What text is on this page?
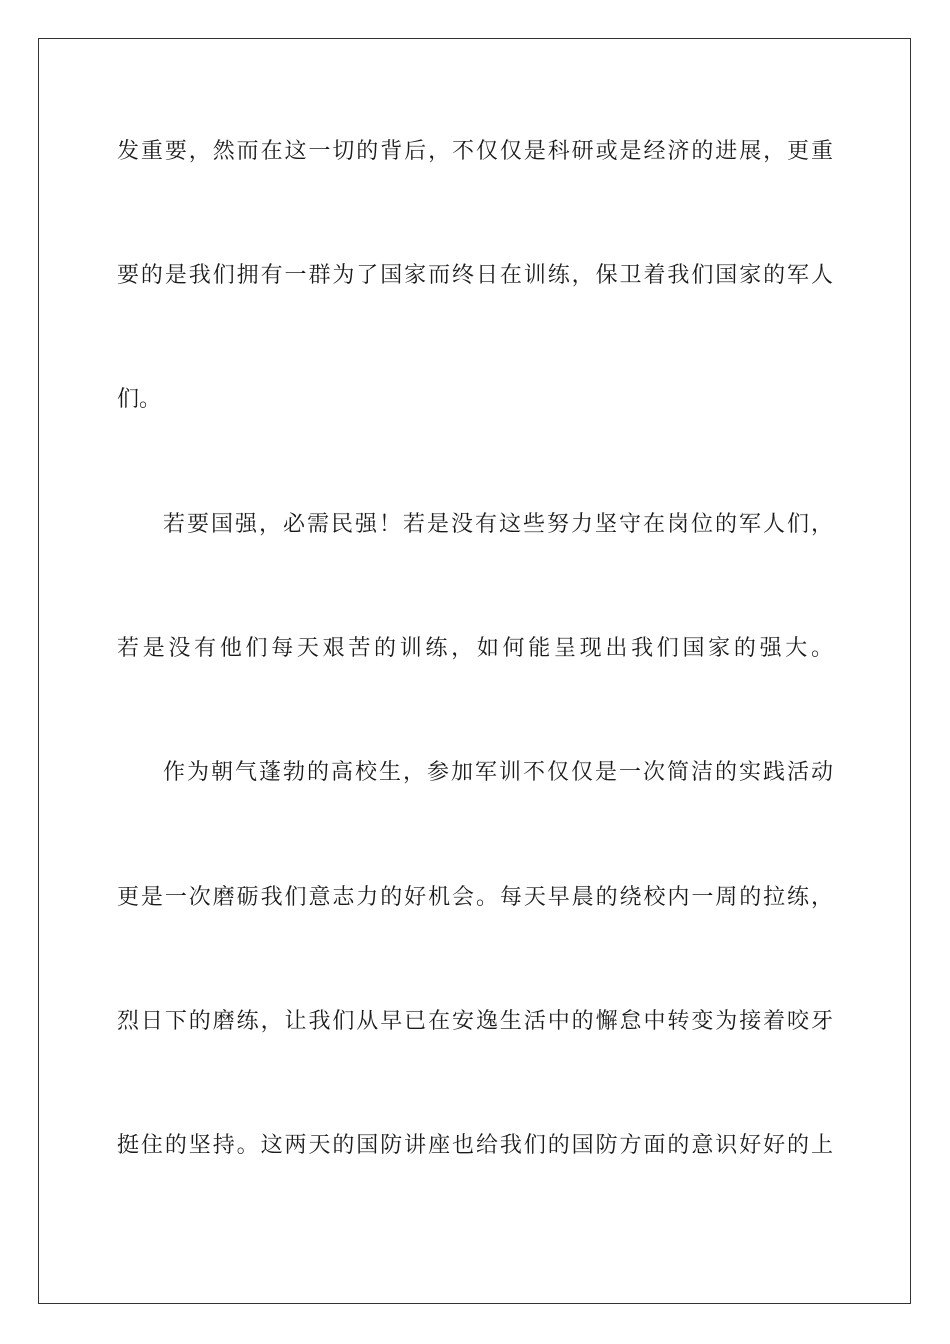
发重要，然而在这一切的背后，不仅仅是科研或是经济的进展，更重
要的是我们拥有一群为了国家而终日在训练，保卫着我们国家的军人
们。
若要国强，必需民强！若是没有这些努力坚守在岗位的军人们，
若是没有他们每天艰苦的训练，如何能呈现出我们国家的强大。
作为朝气蓬勃的高校生，参加军训不仅仅是一次简洁的实践活动
更是一次磨砺我们意志力的好机会。每天早晨的绕校内一周的拉练，
烈日下的磨练，让我们从早已在安逸生活中的懈怠中转变为接着咬牙
挺住的坚持。这两天的国防讲座也给我们的国防方面的意识好好的上
